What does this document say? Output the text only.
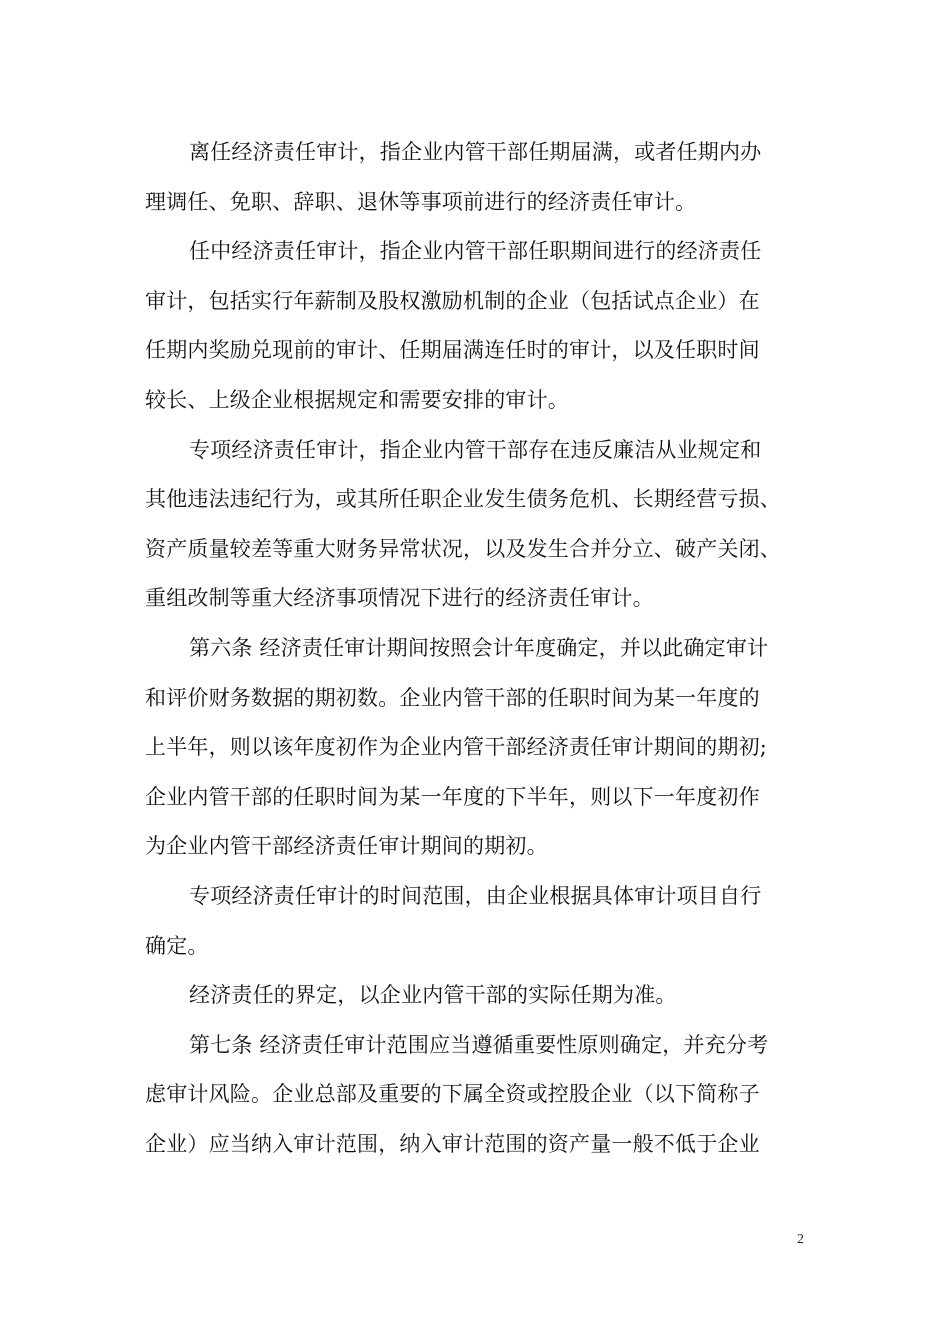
离任经济责任审计，指企业内管干部任期届满，或者任期内办
理调任、免职、辞职、退休等事项前进行的经济责任审计。

任中经济责任审计，指企业内管干部任职期间进行的经济责任
审计，包括实行年薪制及股权激励机制的企业（包括试点企业）在
任期内奖励兑现前的审计、任期届满连任时的审计，以及任职时间
较长、上级企业根据规定和需要安排的审计。

专项经济责任审计，指企业内管干部存在违反廉洁从业规定和
其他违法违纪行为，或其所任职企业发生债务危机、长期经营亏损、
资产质量较差等重大财务异常状况，以及发生合并分立、破产关闭、
重组改制等重大经济事项情况下进行的经济责任审计。

第六条 经济责任审计期间按照会计年度确定，并以此确定审计
和评价财务数据的期初数。企业内管干部的任职时间为某一年度的
上半年，则以该年度初作为企业内管干部经济责任审计期间的期初;
企业内管干部的任职时间为某一年度的下半年，则以下一年度初作
为企业内管干部经济责任审计期间的期初。

专项经济责任审计的时间范围，由企业根据具体审计项目自行
确定。

经济责任的界定，以企业内管干部的实际任期为准。

第七条 经济责任审计范围应当遵循重要性原则确定，并充分考
虑审计风险。企业总部及重要的下属全资或控股企业（以下简称子
企业）应当纳入审计范围，纳入审计范围的资产量一般不低于企业

2
